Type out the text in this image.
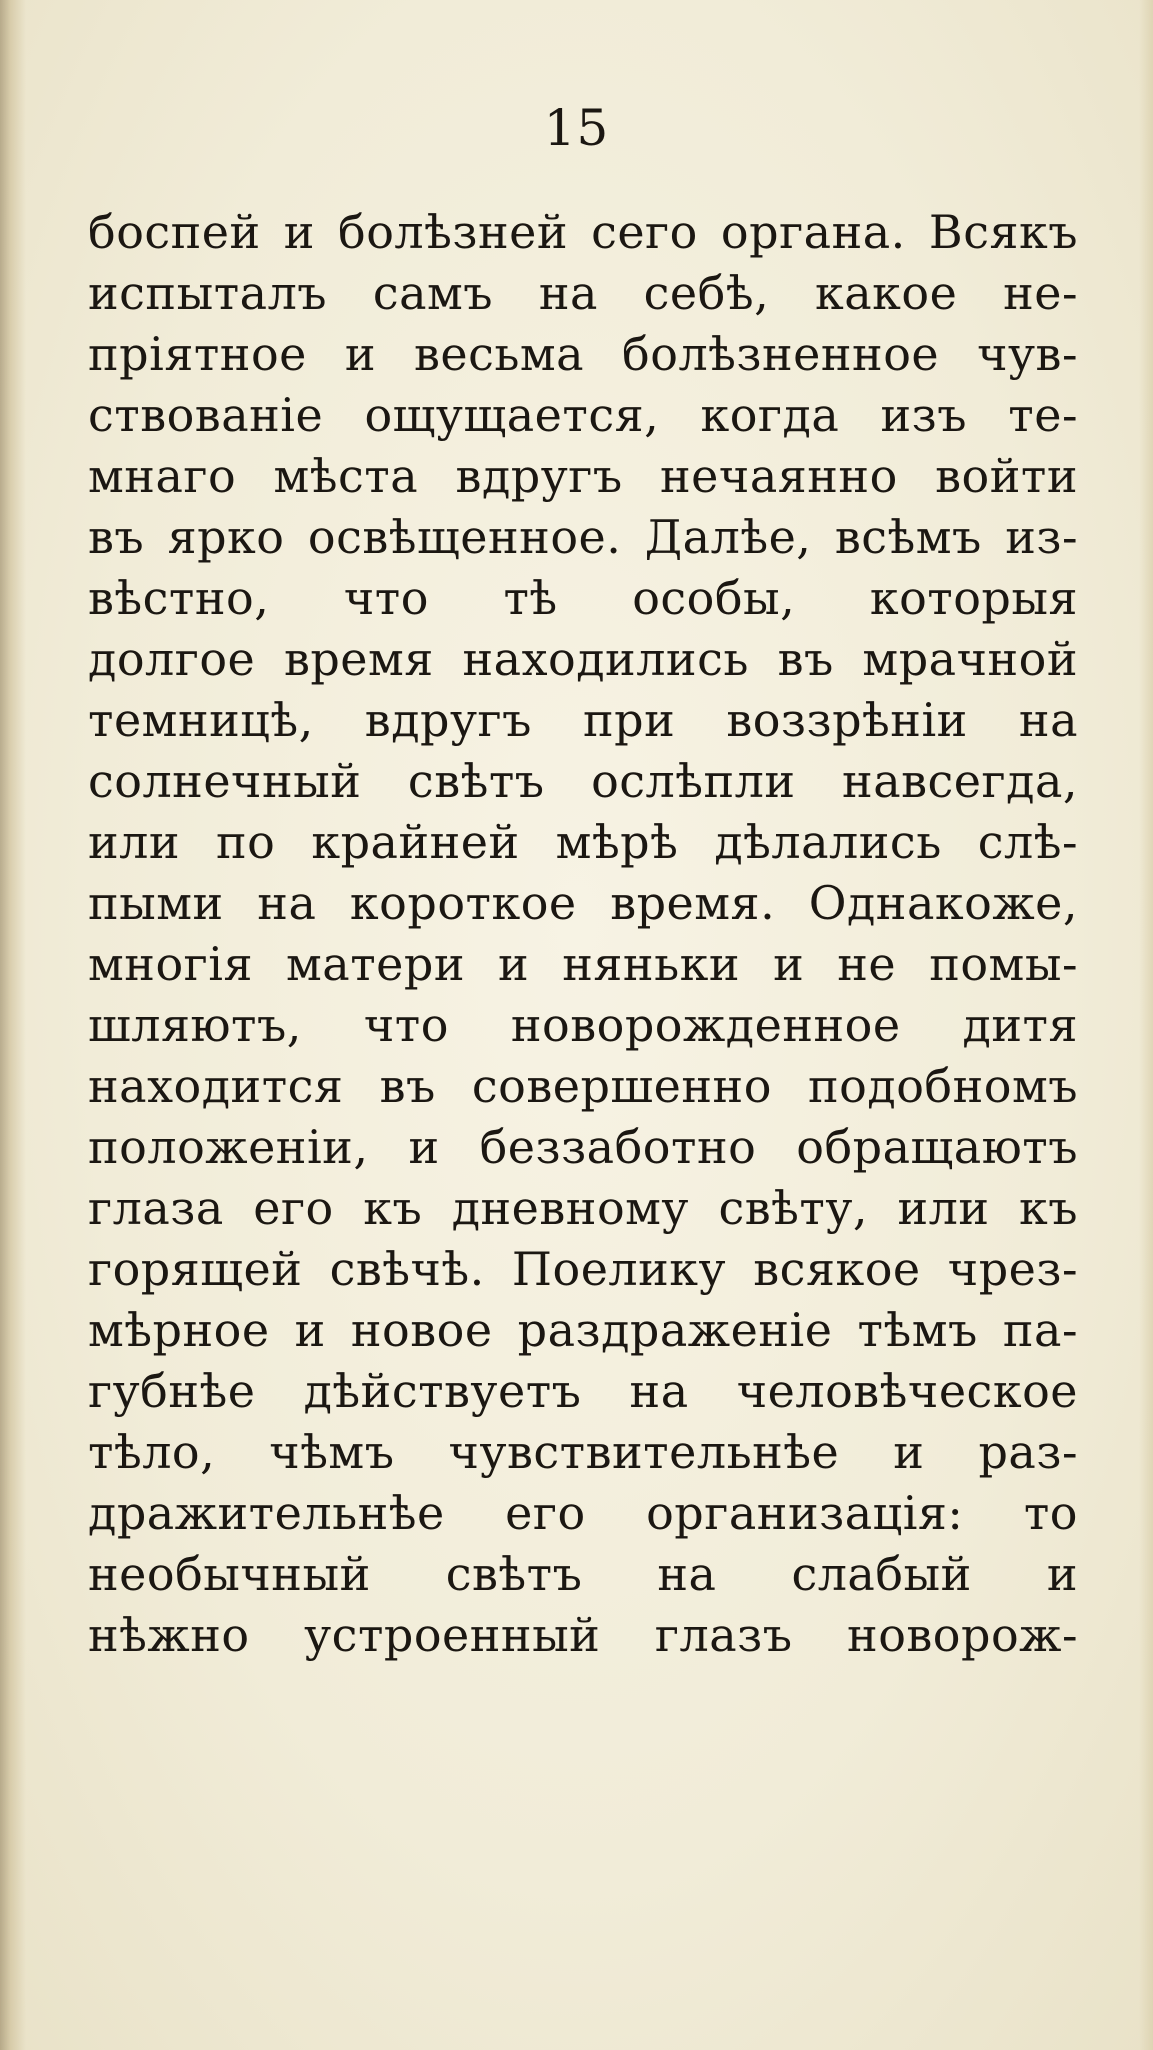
15
боспей и болѣзней сего органа. Всякъ
испыталъ самъ на себѣ, какое не-
пріятное и весьма болѣзненное чув-
ствованіе ощущается, когда изъ те-
мнаго мѣста вдругъ нечаянно войти
въ ярко освѣщенное. Далѣе, всѣмъ из-
вѣстно, что тѣ особы, которыя
долгое время находились въ мрачной
темницѣ, вдругъ при воззрѣніи на
солнечный свѣтъ ослѣпли навсегда,
или по крайней мѣрѣ дѣлались слѣ-
пыми на короткое время. Однакоже,
многія матери и няньки и не помы-
шляютъ, что новорожденное дитя
находится въ совершенно подобномъ
положеніи, и беззаботно обращаютъ
глаза его къ дневному свѣту, или къ
горящей свѣчѣ. Поелику всякое чрез-
мѣрное и новое раздраженіе тѣмъ па-
губнѣе дѣйствуетъ на человѣческое
тѣло, чѣмъ чувствительнѣе и раз-
дражительнѣе его организація: то
необычный свѣтъ на слабый и
нѣжно устроенный глазъ новорож-
